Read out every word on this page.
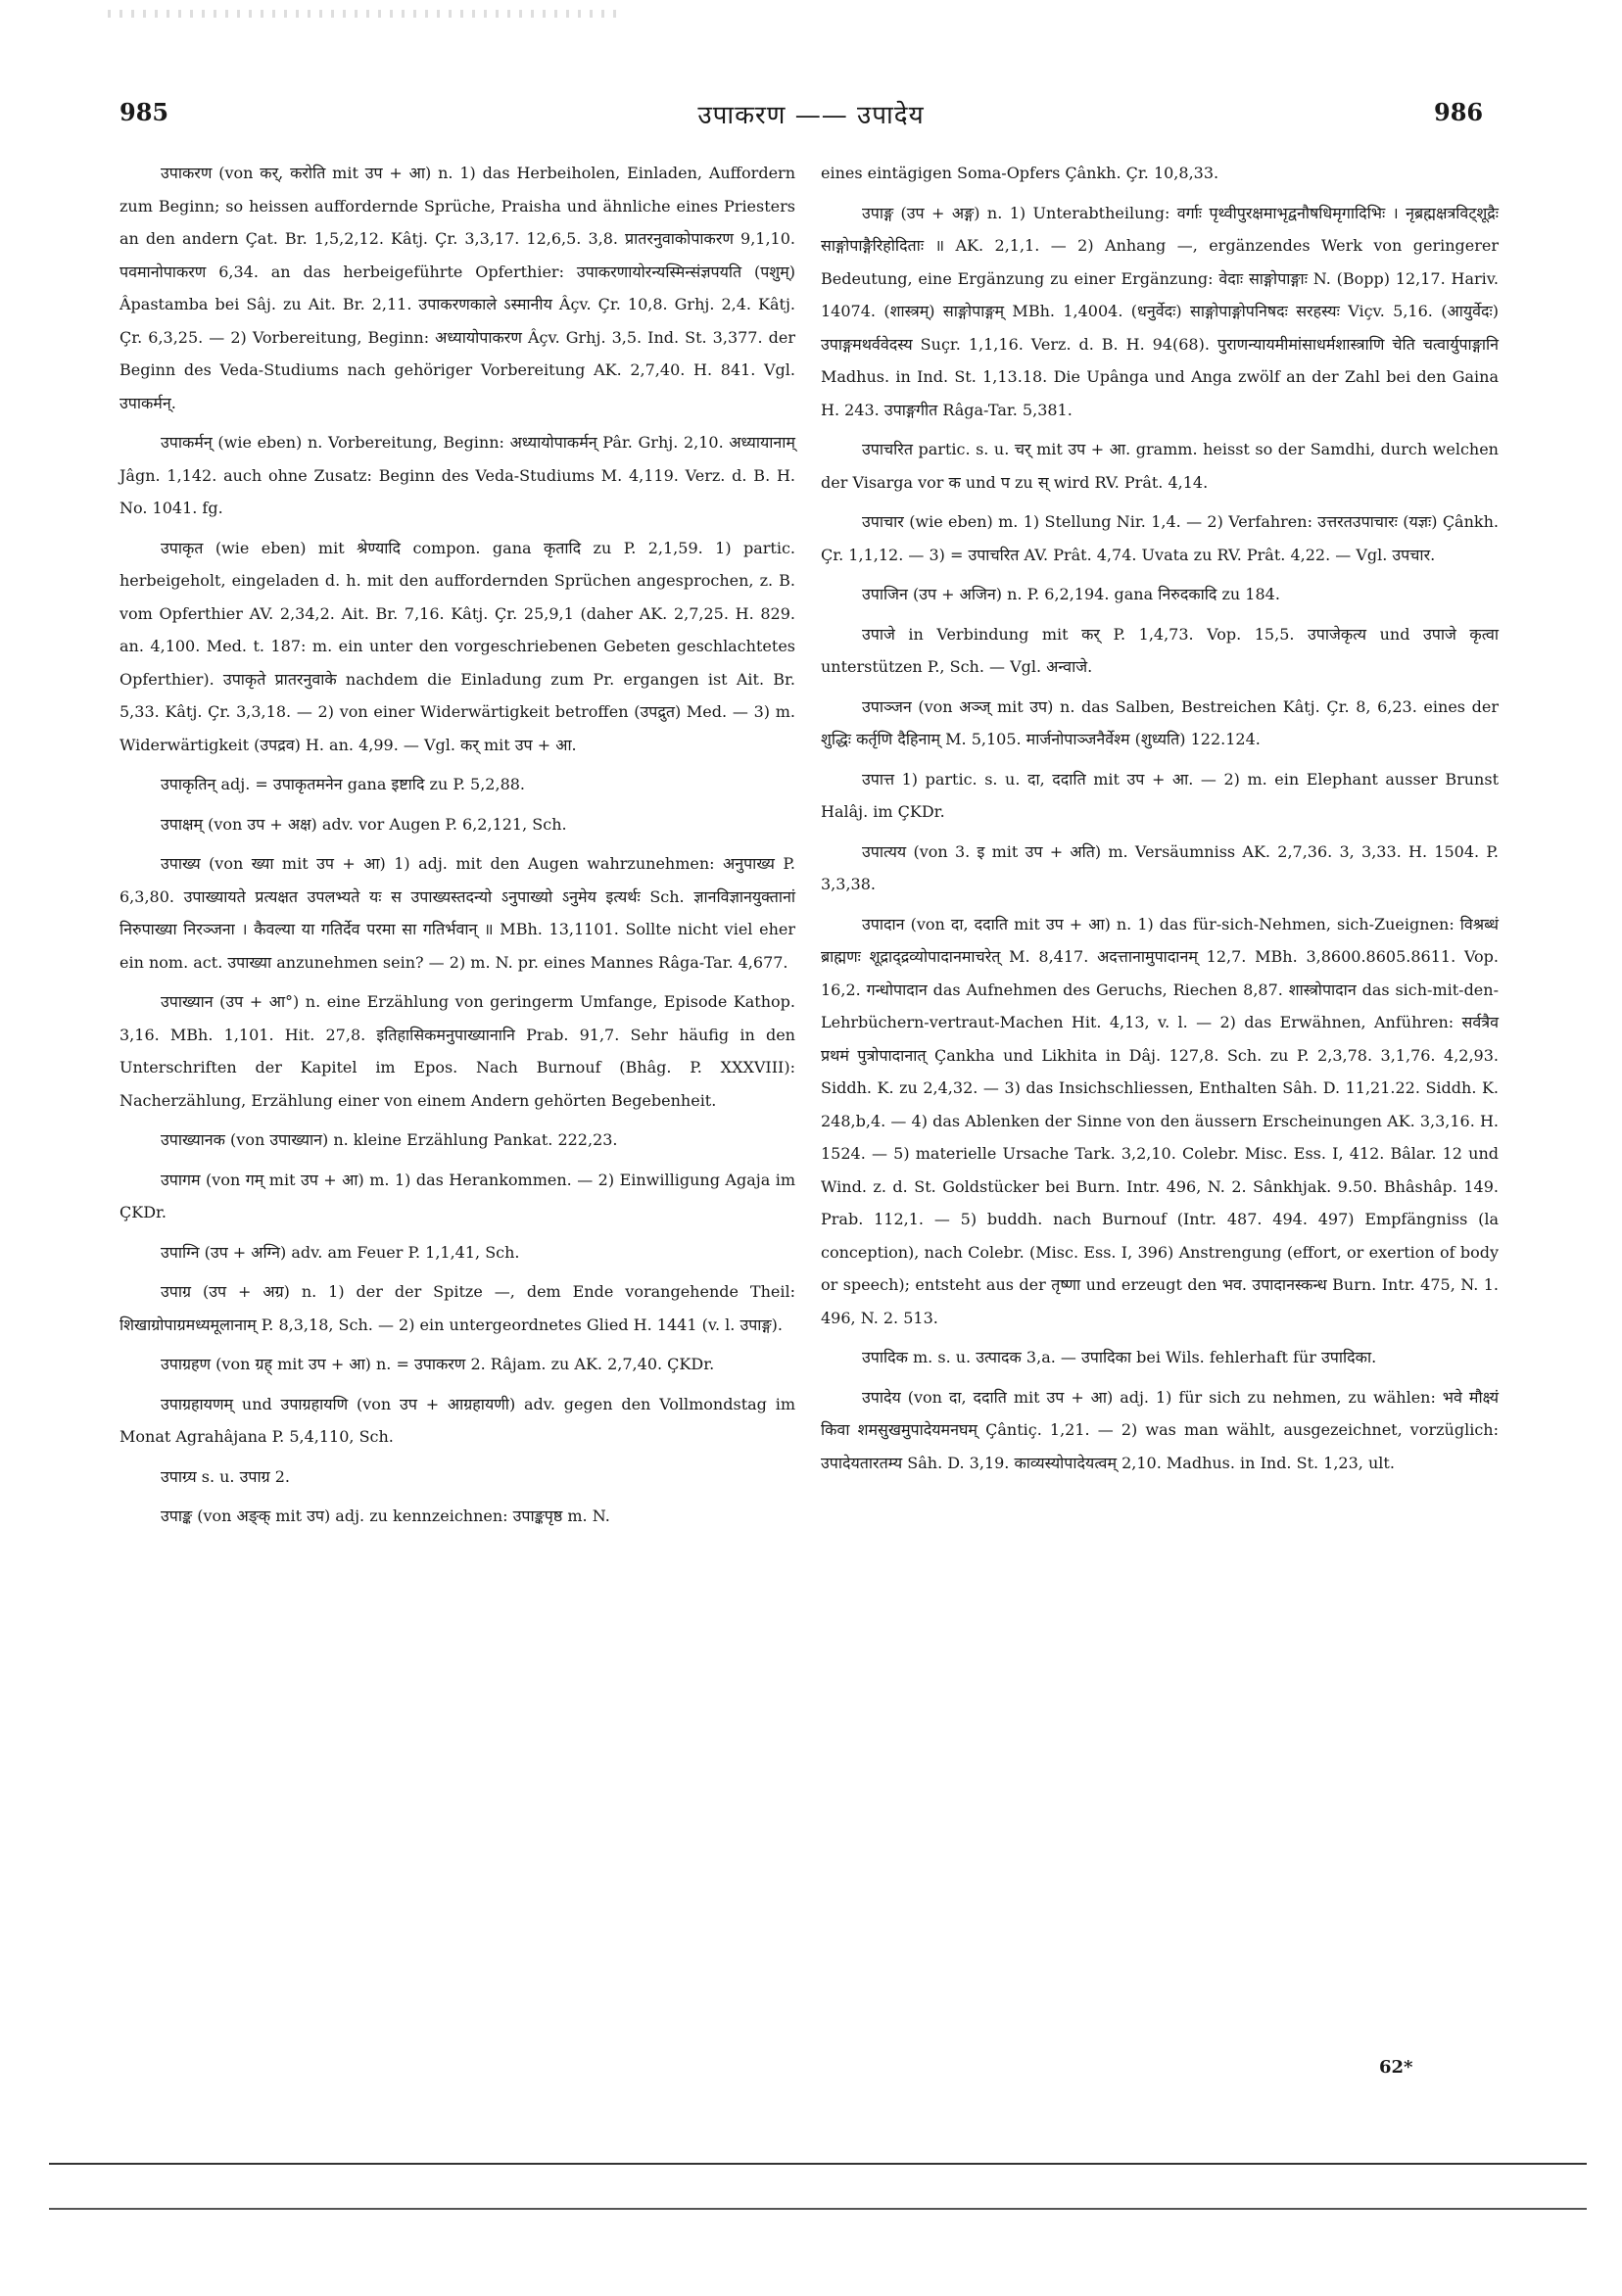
985	उपाकरण —— उपादेय	986

उपाकरण (von कर्, करोति mit उप + आ) n. 1) das Herbeiholen, Einladen, Auffordern zum Beginn; so heissen auffordernde Sprüche, Praisha und ähnliche eines Priesters an den andern Çat. Br. 1,5,2,12. Kâtj. Çr. 3,3,17. 12,6,5. 3,8. प्रातरनुवाकोपाकरण 9,1,10. पवमानोपाकरण 6,34. an das herbeigeführte Opferthier: उपाकरणायोरन्यस्मिन्संज्ञपयति (पशुम्) Âpastamba bei Sâj. zu Ait. Br. 2,11. उपाकरणकाले ऽस्मानीय Âçv. Çr. 10,8. Grhj. 2,4. Kâtj. Çr. 6,3,25. — 2) Vorbereitung, Beginn: अध्यायोपाकरण Âçv. Grhj. 3,5. Ind. St. 3,377. der Beginn des Veda-Studiums nach gehöriger Vorbereitung AK. 2,7,40. H. 841. Vgl. उपाकर्मन्.

उपाकर्मन् (wie eben) n. Vorbereitung, Beginn: अध्यायोपाकर्मन् Pâr. Grhj. 2,10. अध्यायानाम् Jâgn. 1,142. auch ohne Zusatz: Beginn des Veda-Studiums M. 4,119. Verz. d. B. H. No. 1041. fg.

उपाकृत (wie eben) mit श्रेण्यादि compon. gana कृतादि zu P. 2,1,59. 1) partic. herbeigeholt, eingeladen d. h. mit den auffordernden Sprüchen angesprochen, z. B. vom Opferthier AV. 2,34,2. Ait. Br. 7,16. Kâtj. Çr. 25,9,1 (daher AK. 2,7,25. H. 829. an. 4,100. Med. t. 187: m. ein unter den vorgeschriebenen Gebeten geschlachtetes Opferthier). उपाकृते प्रातरनुवाके nachdem die Einladung zum Pr. ergangen ist Ait. Br. 5,33. Kâtj. Çr. 3,3,18. — 2) von einer Widerwärtigkeit betroffen (उपद्रुत) Med. — 3) m. Widerwärtigkeit (उपद्रव) H. an. 4,99. — Vgl. कर् mit उप + आ.

उपाकृतिन् adj. = उपाकृतमनेन gana इष्टादि zu P. 5,2,88.

उपाक्षम् (von उप + अक्ष) adv. vor Augen P. 6,2,121, Sch.

उपाख्य (von ख्या mit उप + आ) 1) adj. mit den Augen wahrzunehmen: अनुपाख्य P. 6,3,80. उपाख्यायते प्रत्यक्षत उपलभ्यते यः स उपाख्यस्तदन्यो ऽनुपाख्यो ऽनुमेय इत्यर्थः Sch. ज्ञानविज्ञानयुक्तानां निरुपाख्या निरञ्जना । कैवल्या या गतिर्देव परमा सा गतिर्भवान् ॥ MBh. 13,1101. Sollte nicht viel eher ein nom. act. उपाख्या anzunehmen sein? — 2) m. N. pr. eines Mannes Râga-Tar. 4,677.

उपाख्यान (उप + आ°) n. eine Erzählung von geringerm Umfange, Episode Kathop. 3,16. MBh. 1,101. Hit. 27,8. इतिहासिकमनुपाख्यानानि Prab. 91,7. Sehr häufig in den Unterschriften der Kapitel im Epos. Nach Burnouf (Bhâg. P. XXXVIII): Nacherzählung, Erzählung einer von einem Andern gehörten Begebenheit.

उपाख्यानक (von उपाख्यान) n. kleine Erzählung Pankat. 222,23.

उपागम (von गम् mit उप + आ) m. 1) das Herankommen. — 2) Einwilligung Agaja im ÇKDr.

उपाग्नि (उप + अग्नि) adv. am Feuer P. 1,1,41, Sch.

उपाग्र (उप + अग्र) n. 1) der der Spitze —, dem Ende vorangehende Theil: शिखाग्रोपाग्रमध्यमूलानाम् P. 8,3,18, Sch. — 2) ein untergeordnetes Glied H. 1441 (v. l. उपाङ्ग).

उपाग्रहण (von ग्रह् mit उप + आ) n. = उपाकरण 2. Râjam. zu AK. 2,7,40. ÇKDr.

उपाग्रहायणम् und उपाग्रहायणि (von उप + आग्रहायणी) adv. gegen den Vollmondstag im Monat Agrahâjana P. 5,4,110, Sch.

उपाग्र्य s. u. उपाग्र 2.

उपाङ्क (von अङ्क् mit उप) adj. zu kennzeichnen: उपाङ्कपृष्ठ m. N.

eines eintägigen Soma-Opfers Çânkh. Çr. 10,8,33.

उपाङ्ग (उप + अङ्ग) n. 1) Unterabtheilung: वर्गाः पृथ्वीपुरक्षमाभृद्वनौषधिमृगादिभिः । नृब्रह्मक्षत्रविट्शूद्रैः साङ्गोपाङ्गैरिहोदिताः ॥ AK. 2,1,1. — 2) Anhang —, ergänzendes Werk von geringerer Bedeutung, eine Ergänzung zu einer Ergänzung: वेदाः साङ्गोपाङ्गाः N. (Bopp) 12,17. Hariv. 14074. (शास्त्रम्) साङ्गोपाङ्गम् MBh. 1,4004. (धनुर्वेदः) साङ्गोपाङ्गोपनिषदः सरहस्यः Viçv. 5,16. (आयुर्वेदः) उपाङ्गमथर्ववेदस्य Suçr. 1,1,16. Verz. d. B. H. 94(68). पुराणन्यायमीमांसाधर्मशास्त्राणि चेति चत्वार्युपाङ्गानि Madhus. in Ind. St. 1,13.18. Die Upânga und Anga zwölf an der Zahl bei den Gaina H. 243. उपाङ्गगीत Râga-Tar. 5,381.

उपाचरित partic. s. u. चर् mit उप + आ. gramm. heisst so der Samdhi, durch welchen der Visarga vor क und प zu स् wird RV. Prât. 4,14.

उपाचार (wie eben) m. 1) Stellung Nir. 1,4. — 2) Verfahren: उत्तरतउपाचारः (यज्ञः) Çânkh. Çr. 1,1,12. — 3) = उपाचरित AV. Prât. 4,74. Uvata zu RV. Prât. 4,22. — Vgl. उपचार.

उपाजिन (उप + अजिन) n. P. 6,2,194. gana निरुदकादि zu 184.

उपाजे in Verbindung mit कर् P. 1,4,73. Vop. 15,5. उपाजेकृत्य und उपाजे कृत्वा unterstützen P., Sch. — Vgl. अन्वाजे.

उपाञ्जन (von अञ्ज् mit उप) n. das Salben, Bestreichen Kâtj. Çr. 8, 6,23. eines der शुद्धिः कर्तृणि दैहिनाम् M. 5,105. मार्जनोपाञ्जनैर्वेश्म (शुध्यति) 122.124.

उपात्त 1) partic. s. u. दा, ददाति mit उप + आ. — 2) m. ein Elephant ausser Brunst Halâj. im ÇKDr.

उपात्यय (von 3. इ mit उप + अति) m. Versäumniss AK. 2,7,36. 3, 3,33. H. 1504. P. 3,3,38.

उपादान (von दा, ददाति mit उप + आ) n. 1) das für-sich-Nehmen, sich-Zueignen: विश्रब्धं ब्राह्मणः शूद्राद्द्रव्योपादानमाचरेत् M. 8,417. अदत्तानामुपादानम् 12,7. MBh. 3,8600.8605.8611. Vop. 16,2. गन्धोपादान das Aufnehmen des Geruchs, Riechen 8,87. शास्त्रोपादान das sich-mit-den-Lehrbüchern-vertraut-Machen Hit. 4,13, v. l. — 2) das Erwähnen, Anführen: सर्वत्रैव प्रथमं पुत्रोपादानात् Çankha und Likhita in Dâj. 127,8. Sch. zu P. 2,3,78. 3,1,76. 4,2,93. Siddh. K. zu 2,4,32. — 3) das Insichschliessen, Enthalten Sâh. D. 11,21.22. Siddh. K. 248,b,4. — 4) das Ablenken der Sinne von den äussern Erscheinungen AK. 3,3,16. H. 1524. — 5) materielle Ursache Tark. 3,2,10. Colebr. Misc. Ess. I, 412. Bâlar. 12 und Wind. z. d. St. Goldstücker bei Burn. Intr. 496, N. 2. Sânkhjak. 9.50. Bhâshâp. 149. Prab. 112,1. — 5) buddh. nach Burnouf (Intr. 487. 494. 497) Empfängniss (la conception), nach Colebr. (Misc. Ess. I, 396) Anstrengung (effort, or exertion of body or speech); entsteht aus der तृष्णा und erzeugt den भव. उपादानस्कन्ध Burn. Intr. 475, N. 1. 496, N. 2. 513.

उपादिक m. s. u. उत्पादक 3,a. — उपादिका bei Wils. fehlerhaft für उपादिका.

उपादेय (von दा, ददाति mit उप + आ) adj. 1) für sich zu nehmen, zu wählen: भवे मौक्ष्यं किवा शमसुखमुपादेयमनघम् Çântiç. 1,21. — 2) was man wählt, ausgezeichnet, vorzüglich: उपादेयतारतम्य Sâh. D. 3,19. काव्यस्योपादेयत्वम् 2,10. Madhus. in Ind. St. 1,23, ult.

62*
